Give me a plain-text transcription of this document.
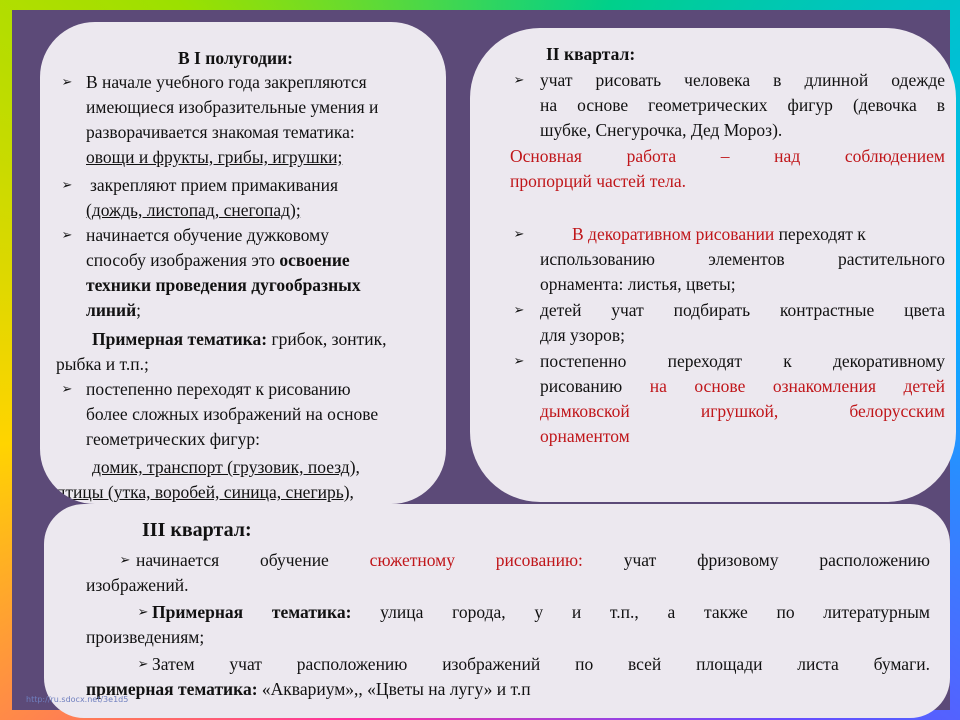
В I полугодии:
➢ В начале учебного года закрепляются
имеющиеся изобразительные умения и
разворачивается знакомая тематика:
овощи и фрукты, грибы, игрушки;
➢ закрепляют прием примакивания
(дождь, листопад, снегопад);
➢ начинается обучение дужковому
способу изображения это освоение
техники проведения дугообразных
линий;
Примерная тематика: грибок, зонтик,
рыбка и т.п.;
➢ постепенно переходят к рисованию
более сложных изображений на основе
геометрических фигур:
домик, транспорт (грузовик, поезд),
птицы (утка, воробей, синица, снегирь),
II квартал:
➢ учат рисовать человека в длинной одежде
на основе геометрических фигур (девочка в
шубке, Снегурочка, Дед Мороз).
Основная работа – над соблюдением
пропорций частей тела.
➢	В декоративном рисовании переходят к
использованию элементов растительного
орнамента: листья, цветы;
➢ детей учат подбирать контрастные цвета
для узоров;
➢ постепенно переходят к декоративному
рисованию на основе ознакомления детей
дымковской игрушкой, белорусским
орнаментом
III квартал:
➢ начинается обучение сюжетному рисованию: учат фризовому расположению
изображений.
➢ Примерная тематика: улица города, у и т.п., а также по литературным
произведениям;
➢ Затем учат расположению изображений по всей площади листа бумаги.
примерная тематика: «Аквариум»,, «Цветы на лугу» и т.п
http://ru.sdocx.net/3e1d5
